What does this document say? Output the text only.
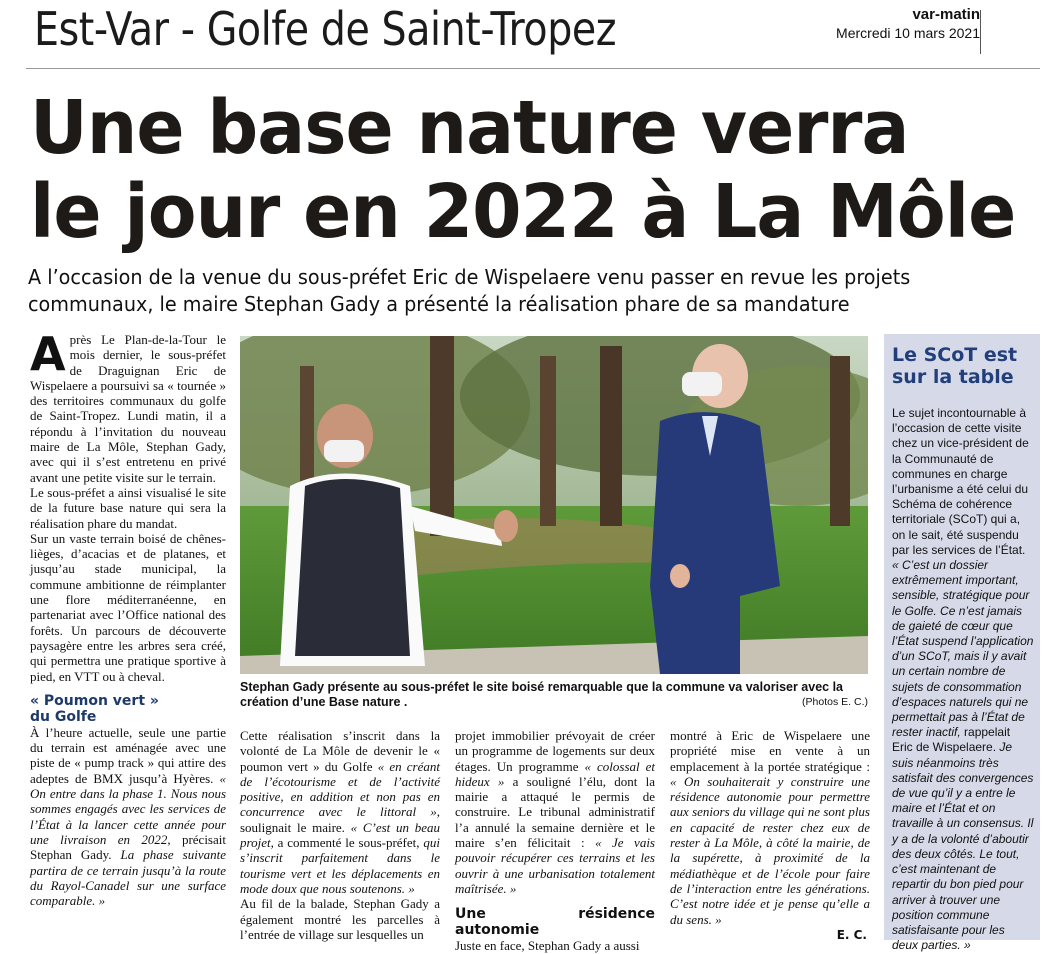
Est-Var - Golfe de Saint-Tropez	var-matin
Mercredi 10 mars 2021
Une base nature verra
le jour en 2022 à La Môle
A l’occasion de la venue du sous-préfet Eric de Wispelaere venu passer en revue les projets communaux, le maire Stephan Gady a présenté la réalisation phare de sa mandature
A près Le Plan-de-la-Tour le mois dernier, le sous-préfet de Draguignan Eric de Wispelaere a poursuivi sa « tournée » des territoires communaux du golfe de Saint-Tropez. Lundi matin, il a répondu à l’invitation du nouveau maire de La Môle, Stephan Gady, avec qui il s’est entretenu en privé avant une petite visite sur le terrain.

Le sous-préfet a ainsi visualisé le site de la future base nature qui sera la réalisation phare du mandat.

Sur un vaste terrain boisé de chênes-lièges, d’acacias et de platanes, et jusqu’au stade municipal, la commune ambitionne de réimplanter une flore méditerranéenne, en partenariat avec l’Office national des forêts. Un parcours de découverte paysagère entre les arbres sera créé, qui permettra une pratique sportive à pied, en VTT ou à cheval.

« Poumon vert »

du Golfe

À l’heure actuelle, seule une partie du terrain est aménagée avec une piste de « pump track » qui attire des adeptes de BMX jusqu’à Hyères. « On entre dans la phase 1. Nous nous sommes engagés avec les services de l’État à la lancer cette année pour une livraison en 2022, précisait Stephan Gady. La phase suivante partira de ce terrain jusqu’à la route du Rayol-Canadel sur une surface comparable. »

Stephan Gady présente au sous-préfet le site boisé remarquable que la commune va valoriser avec la création d’une Base nature .	(Photos E. C.)

Cette réalisation s’inscrit dans la volonté de La Môle de devenir le « poumon vert » du Golfe « en créant de l’écotourisme et de l’activité positive, en addition et non pas en concurrence avec le littoral », soulignait le maire. « C’est un beau projet, a commenté le sous-préfet, qui s’inscrit parfaitement dans le tourisme vert et les déplacements en mode doux que nous soutenons. »

Au fil de la balade, Stephan Gady a également montré les parcelles à l’entrée de village sur lesquelles un

projet immobilier prévoyait de créer un programme de logements sur deux étages. Un programme « colossal et hideux » a souligné l’élu, dont la mairie a attaqué le permis de construire. Le tribunal administratif l’a annulé la semaine dernière et le maire s’en félicitait : « Je vais pouvoir récupérer ces terrains et les ouvrir à une urbanisation totalement maîtrisée. »

Une résidence autonomie

Juste en face, Stephan Gady a aussi

montré à Eric de Wispelaere une propriété mise en vente à un emplacement à la portée stratégique : « On souhaiterait y construire une résidence autonomie pour permettre aux seniors du village qui ne sont plus en capacité de rester chez eux de rester à La Môle, à côté la mairie, de la supérette, à proximité de la médiathèque et de l’école pour faire de l’interaction entre les générations. C’est notre idée et je pense qu’elle a du sens. »

E. C.
Le SCoT est
sur la table
Le sujet incontournable à l’occasion de cette visite chez un vice-président de la Communauté de communes en charge l’urbanisme a été celui du Schéma de cohérence territoriale (SCoT) qui a, on le sait, été suspendu par les services de l’État. « C’est un dossier extrêmement important, sensible, stratégique pour le Golfe. Ce n’est jamais de gaieté de cœur que l’État suspend l’application d’un SCoT, mais il y avait un certain nombre de sujets de consommation d’espaces naturels qui ne permettait pas à l’État de rester inactif, rappelait Eric de Wispelaere. Je suis néanmoins très satisfait des convergences de vue qu’il y a entre le maire et l’État et on travaille à un consensus. Il y a de la volonté d’aboutir des deux côtés. Le tout, c’est maintenant de repartir du bon pied pour arriver à trouver une position commune satisfaisante pour les deux parties. »
